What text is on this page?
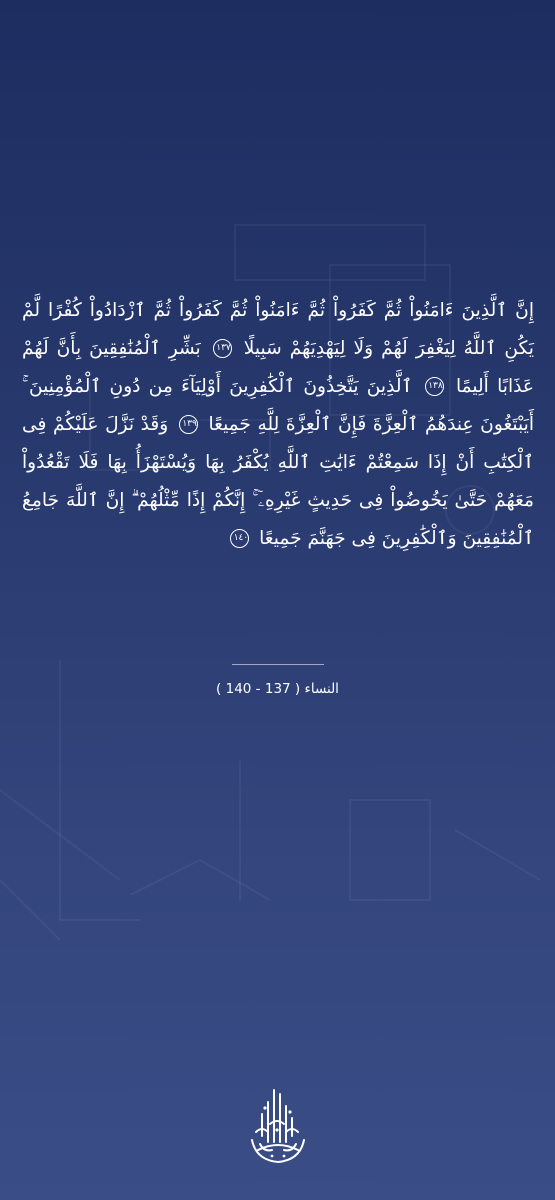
إِنَّ ٱلَّذِينَ ءَامَنُواْ ثُمَّ كَفَرُواْ ثُمَّ ءَامَنُواْ ثُمَّ كَفَرُواْ ثُمَّ ٱزْدَادُواْ كُفْرًا لَّمْ يَكُنِ ٱللَّهُ لِيَغْفِرَ لَهُمْ وَلَا لِيَهْدِيَهُمْ سَبِيلًا ١٣٧ بَشِّرِ ٱلْمُنَٰفِقِينَ بِأَنَّ لَهُمْ عَذَابًا أَلِيمًا ١٣٨ ٱلَّذِينَ يَتَّخِذُونَ ٱلْكَٰفِرِينَ أَوْلِيَآءَ مِن دُونِ ٱلْمُؤْمِنِينَ ۚ أَيَبْتَغُونَ عِندَهُمُ ٱلْعِزَّةَ فَإِنَّ ٱلْعِزَّةَ لِلَّهِ جَمِيعًا ١٣٩ وَقَدْ نَزَّلَ عَلَيْكُمْ فِى ٱلْكِتَٰبِ أَنْ إِذَا سَمِعْتُمْ ءَايَٰتِ ٱللَّهِ يُكْفَرُ بِهَا وَيُسْتَهْزَأُ بِهَا فَلَا تَقْعُدُواْ مَعَهُمْ حَتَّىٰ يَخُوضُواْ فِى حَدِيثٍ غَيْرِهِۦٓ ۚ إِنَّكُمْ إِذًا مِّثْلُهُمْ ۗ إِنَّ ٱللَّهَ جَامِعُ ٱلْمُنَٰفِقِينَ وَٱلْكَٰفِرِينَ فِى جَهَنَّمَ جَمِيعًا ١٤٠
النساء ( 137 - 140 )
